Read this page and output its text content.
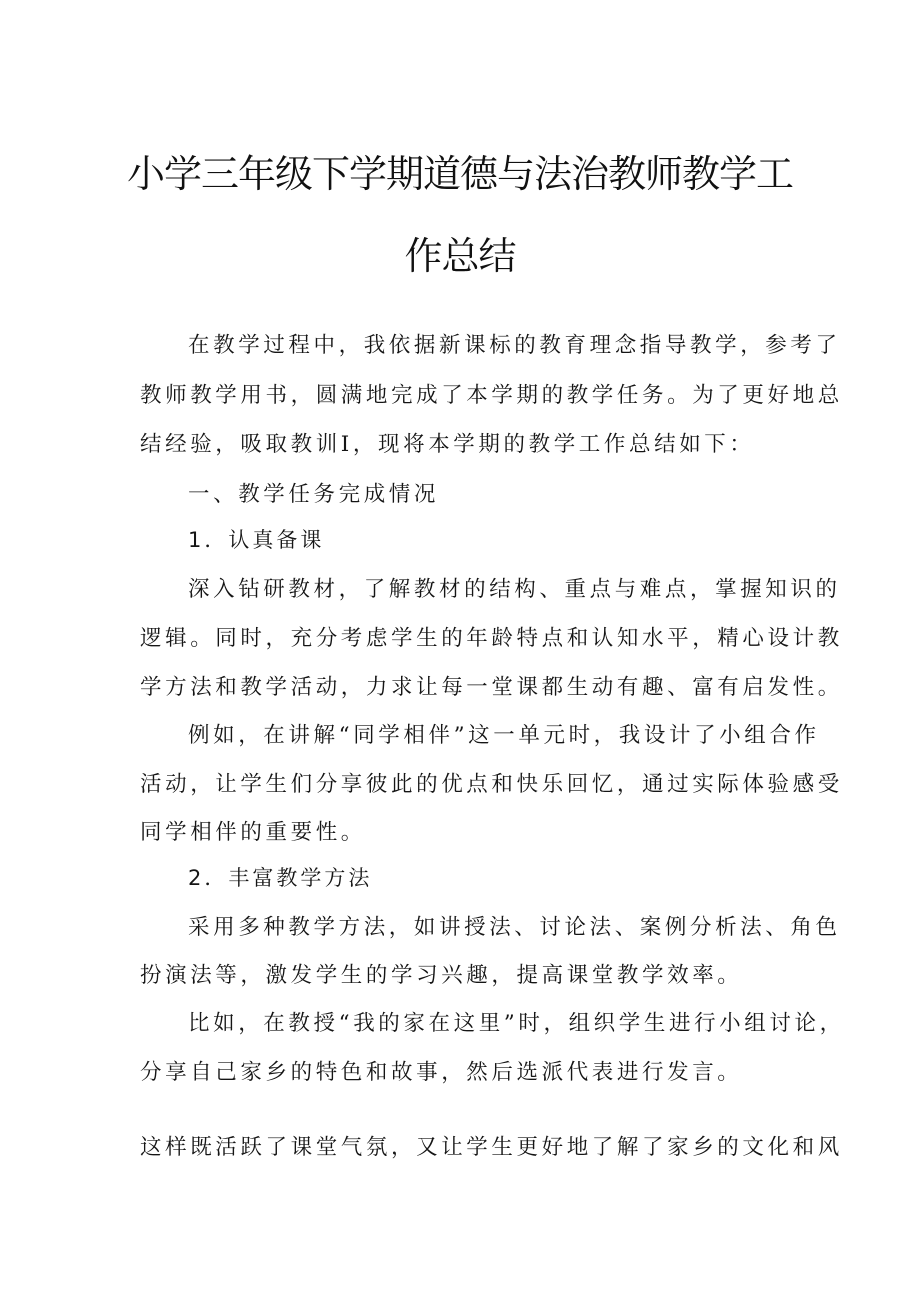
小学三年级下学期道德与法治教师教学工
作总结

在教学过程中，我依据新课标的教育理念指导教学，参考了

教师教学用书，圆满地完成了本学期的教学任务。为了更好地总

结经验，吸取教训I，现将本学期的教学工作总结如下：

一、教学任务完成情况

1．认真备课

深入钻研教材，了解教材的结构、重点与难点，掌握知识的

逻辑。同时，充分考虑学生的年龄特点和认知水平，精心设计教

学方法和教学活动，力求让每一堂课都生动有趣、富有启发性。

例如，在讲解“同学相伴”这一单元时，我设计了小组合作

活动，让学生们分享彼此的优点和快乐回忆，通过实际体验感受

同学相伴的重要性。

2．丰富教学方法

采用多种教学方法，如讲授法、讨论法、案例分析法、角色

扮演法等，激发学生的学习兴趣，提高课堂教学效率。

比如，在教授“我的家在这里”时，组织学生进行小组讨论，

分享自己家乡的特色和故事，然后选派代表进行发言。

这样既活跃了课堂气氛，又让学生更好地了解了家乡的文化和风
